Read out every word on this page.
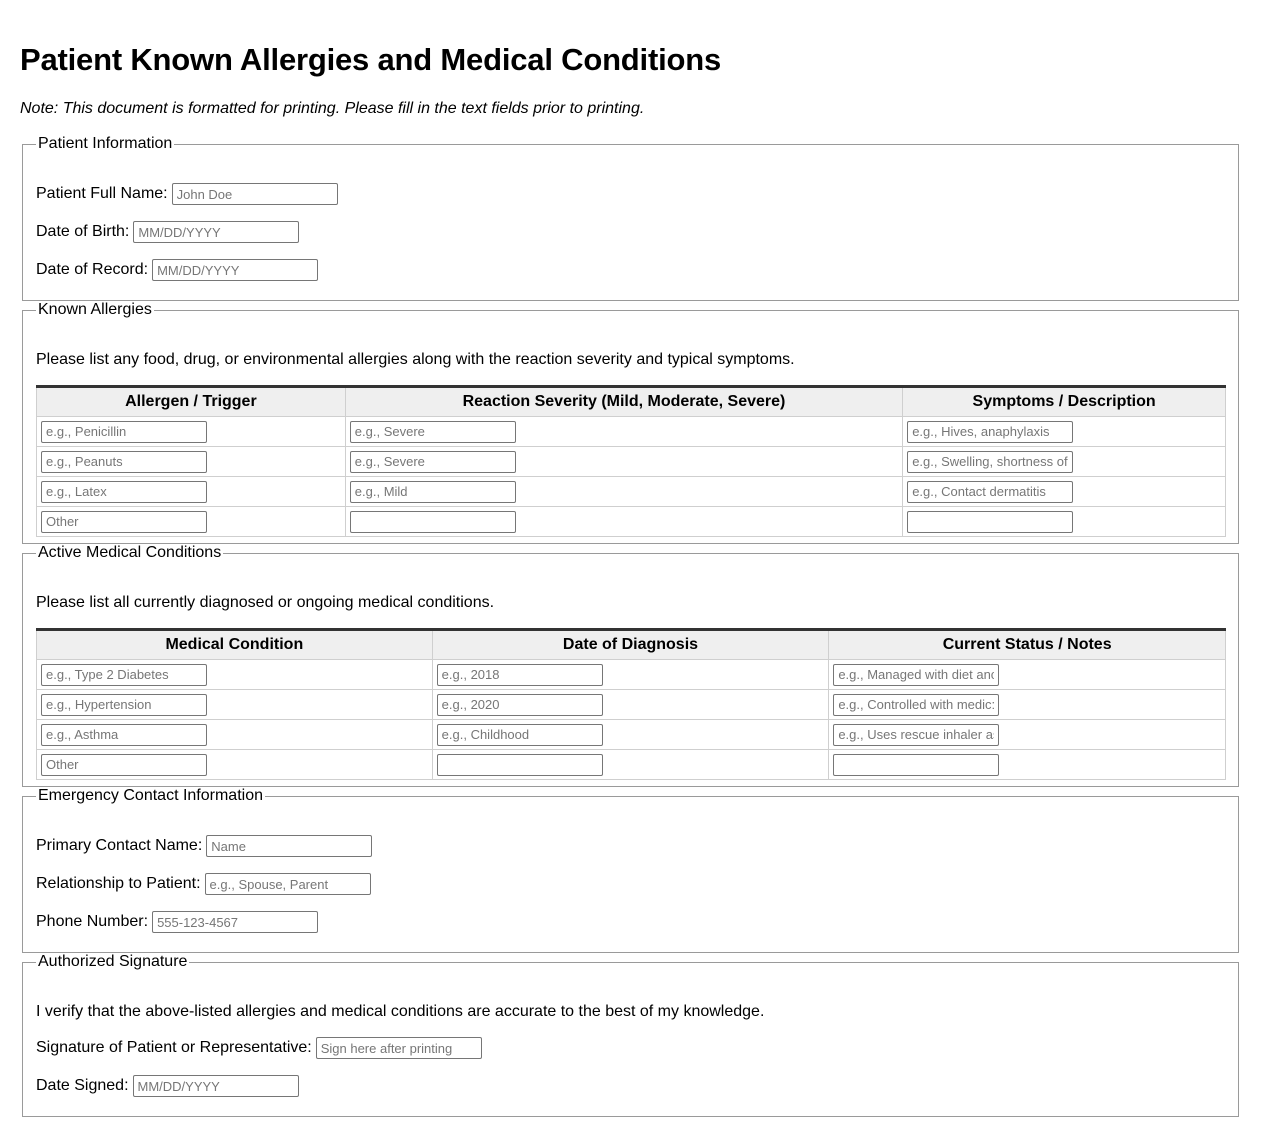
Patient Known Allergies and Medical Conditions
Note: This document is formatted for printing. Please fill in the text fields prior to printing.
Patient Information
Patient Full Name:
John Doe
Date of Birth:
MM/DD/YYYY
Date of Record:
MM/DD/YYYY
Known Allergies
Please list any food, drug, or environmental allergies along with the reaction severity and typical symptoms.
Allergen / Trigger	Reaction Severity (Mild, Moderate, Severe)	Symptoms / Description
e.g., Penicillin	e.g., Severe	e.g., Hives, anaphylaxis
e.g., Peanuts	e.g., Severe	e.g., Swelling, shortness of
e.g., Latex	e.g., Mild	e.g., Contact dermatitis
Other		
Active Medical Conditions
Please list all currently diagnosed or ongoing medical conditions.
Medical Condition	Date of Diagnosis	Current Status / Notes
e.g., Type 2 Diabetes	e.g., 2018	e.g., Managed with diet anc
e.g., Hypertension	e.g., 2020	e.g., Controlled with medic:
e.g., Asthma	e.g., Childhood	e.g., Uses rescue inhaler as
Other		
Emergency Contact Information
Primary Contact Name:
Name
Relationship to Patient:
e.g., Spouse, Parent
Phone Number:
555-123-4567
Authorized Signature
I verify that the above-listed allergies and medical conditions are accurate to the best of my knowledge.
Signature of Patient or Representative:
Sign here after printing
Date Signed:
MM/DD/YYYY
